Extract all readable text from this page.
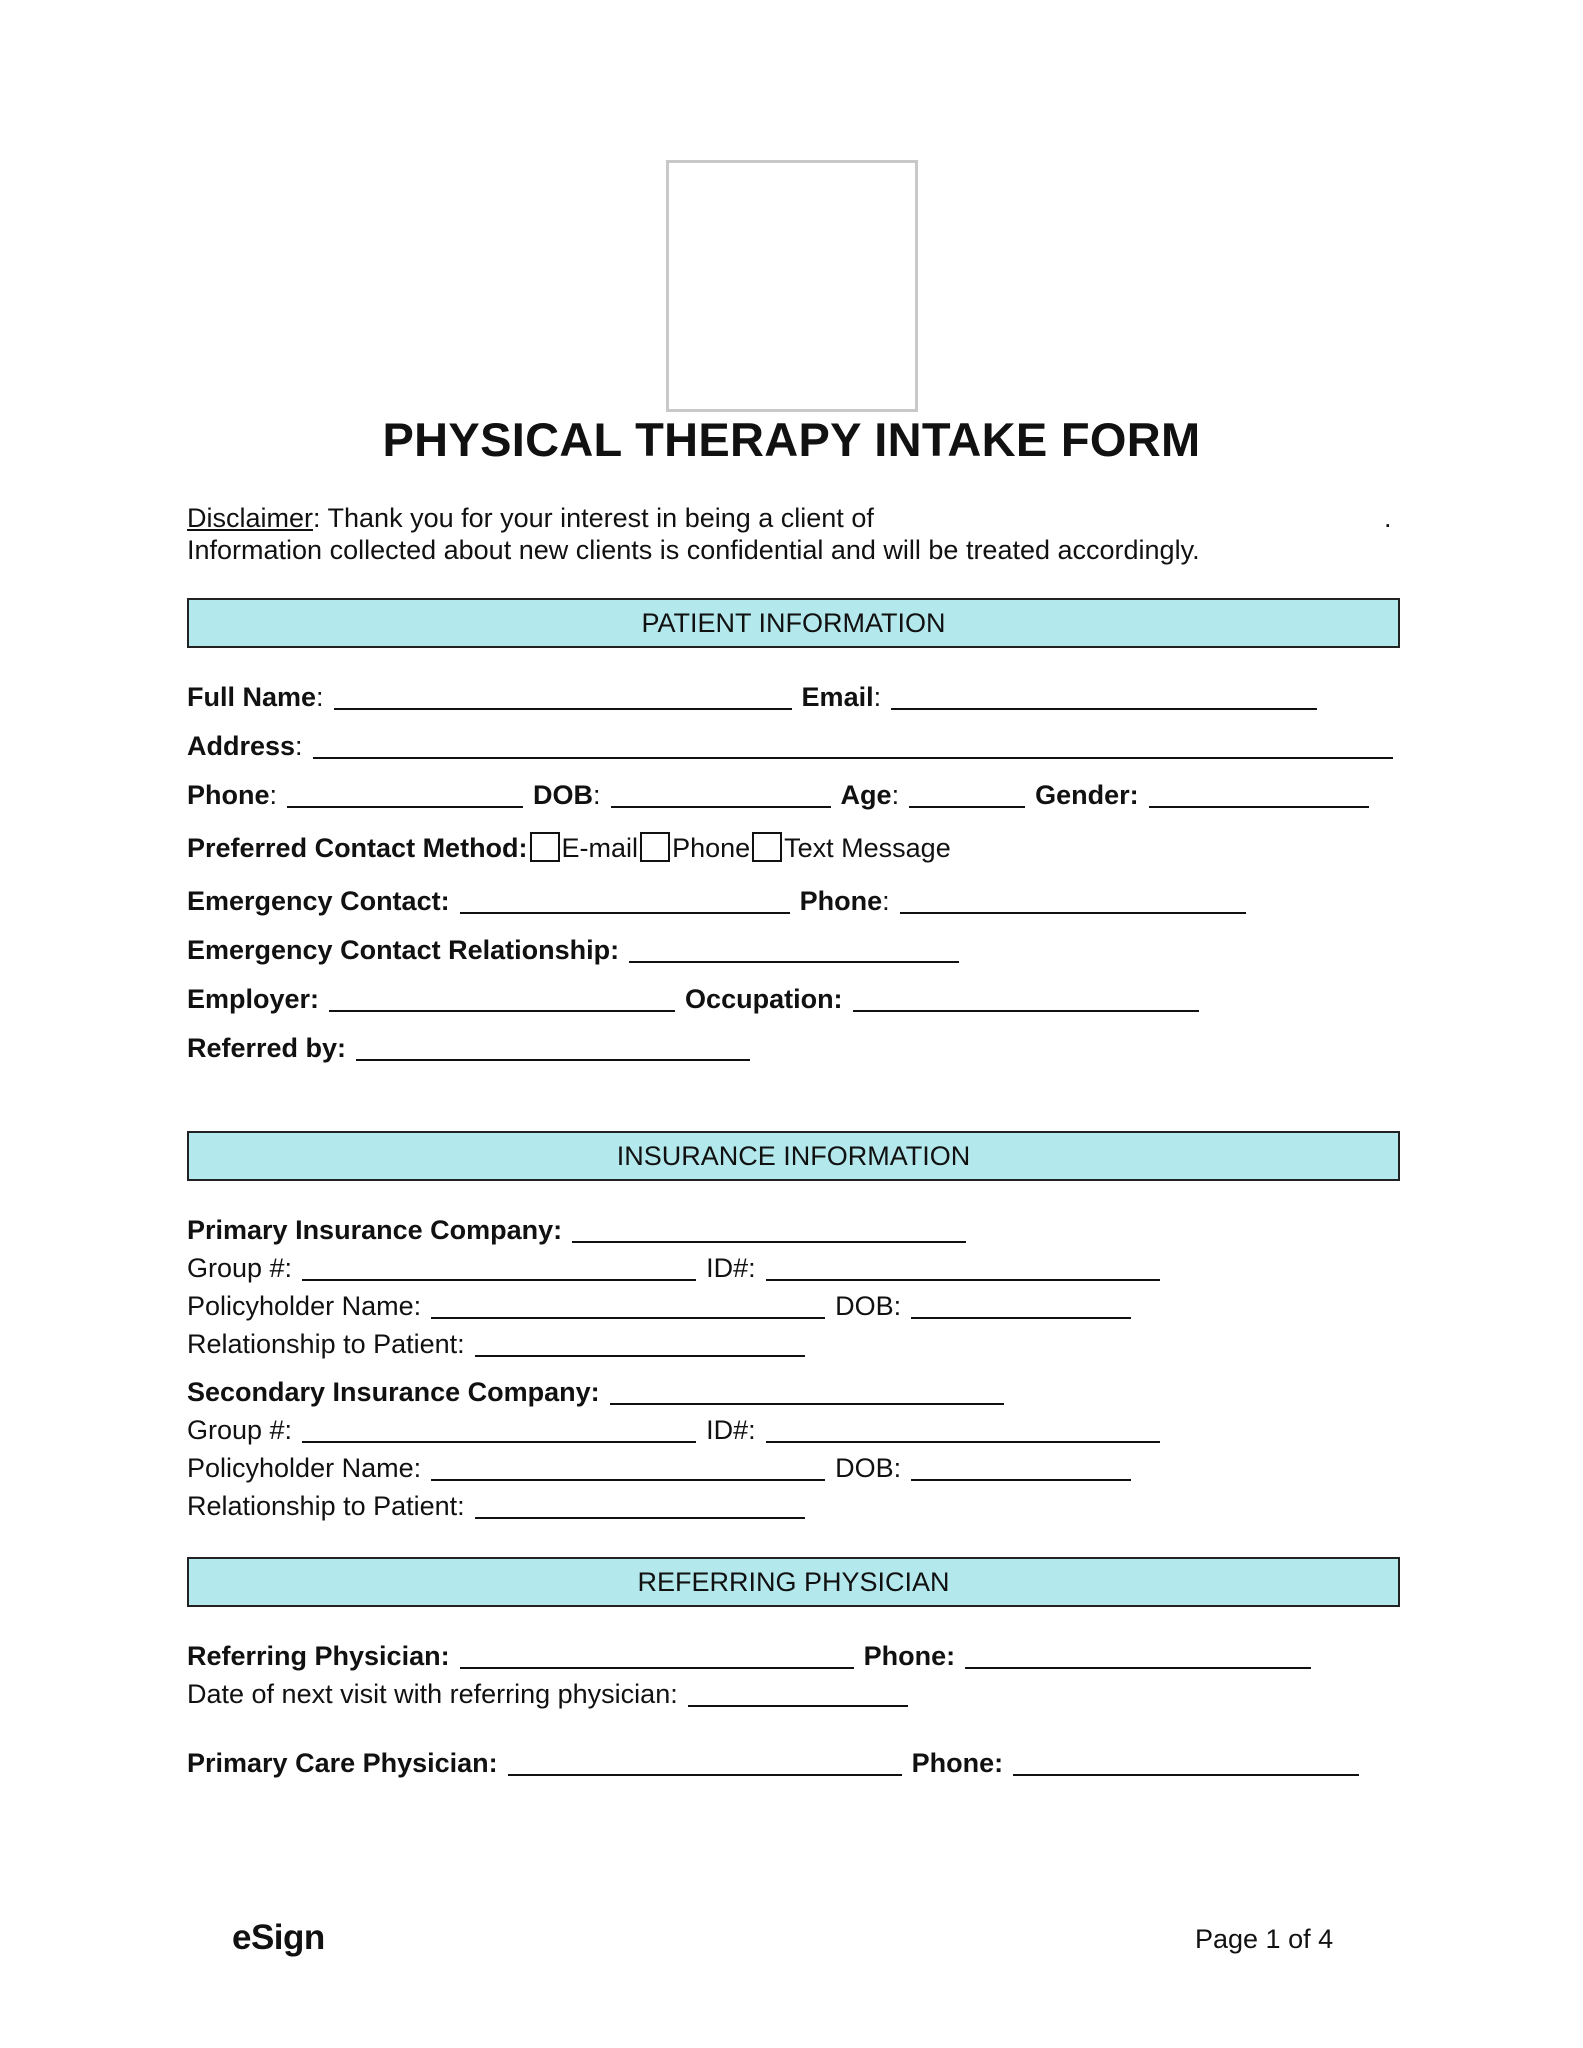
PHYSICAL THERAPY INTAKE FORM
Disclaimer: Thank you for your interest in being a client of	.
Information collected about new clients is confidential and will be treated accordingly.
PATIENT INFORMATION
Full Name :	Email :
Address :
Phone :	DOB :	Age :	Gender:
Preferred Contact Method: E-mail Phone Text Message
Emergency Contact:	Phone :
Emergency Contact Relationship:
Employer:	Occupation:
Referred by:
INSURANCE INFORMATION
Primary Insurance Company:
Group #:	ID#:
Policyholder Name:	DOB:
Relationship to Patient:
Secondary Insurance Company:
Group #:	ID#:
Policyholder Name:	DOB:
Relationship to Patient:
REFERRING PHYSICIAN
Referring Physician:	Phone:
Date of next visit with referring physician:
Primary Care Physician:	Phone:
eSign	Page 1 of 4
